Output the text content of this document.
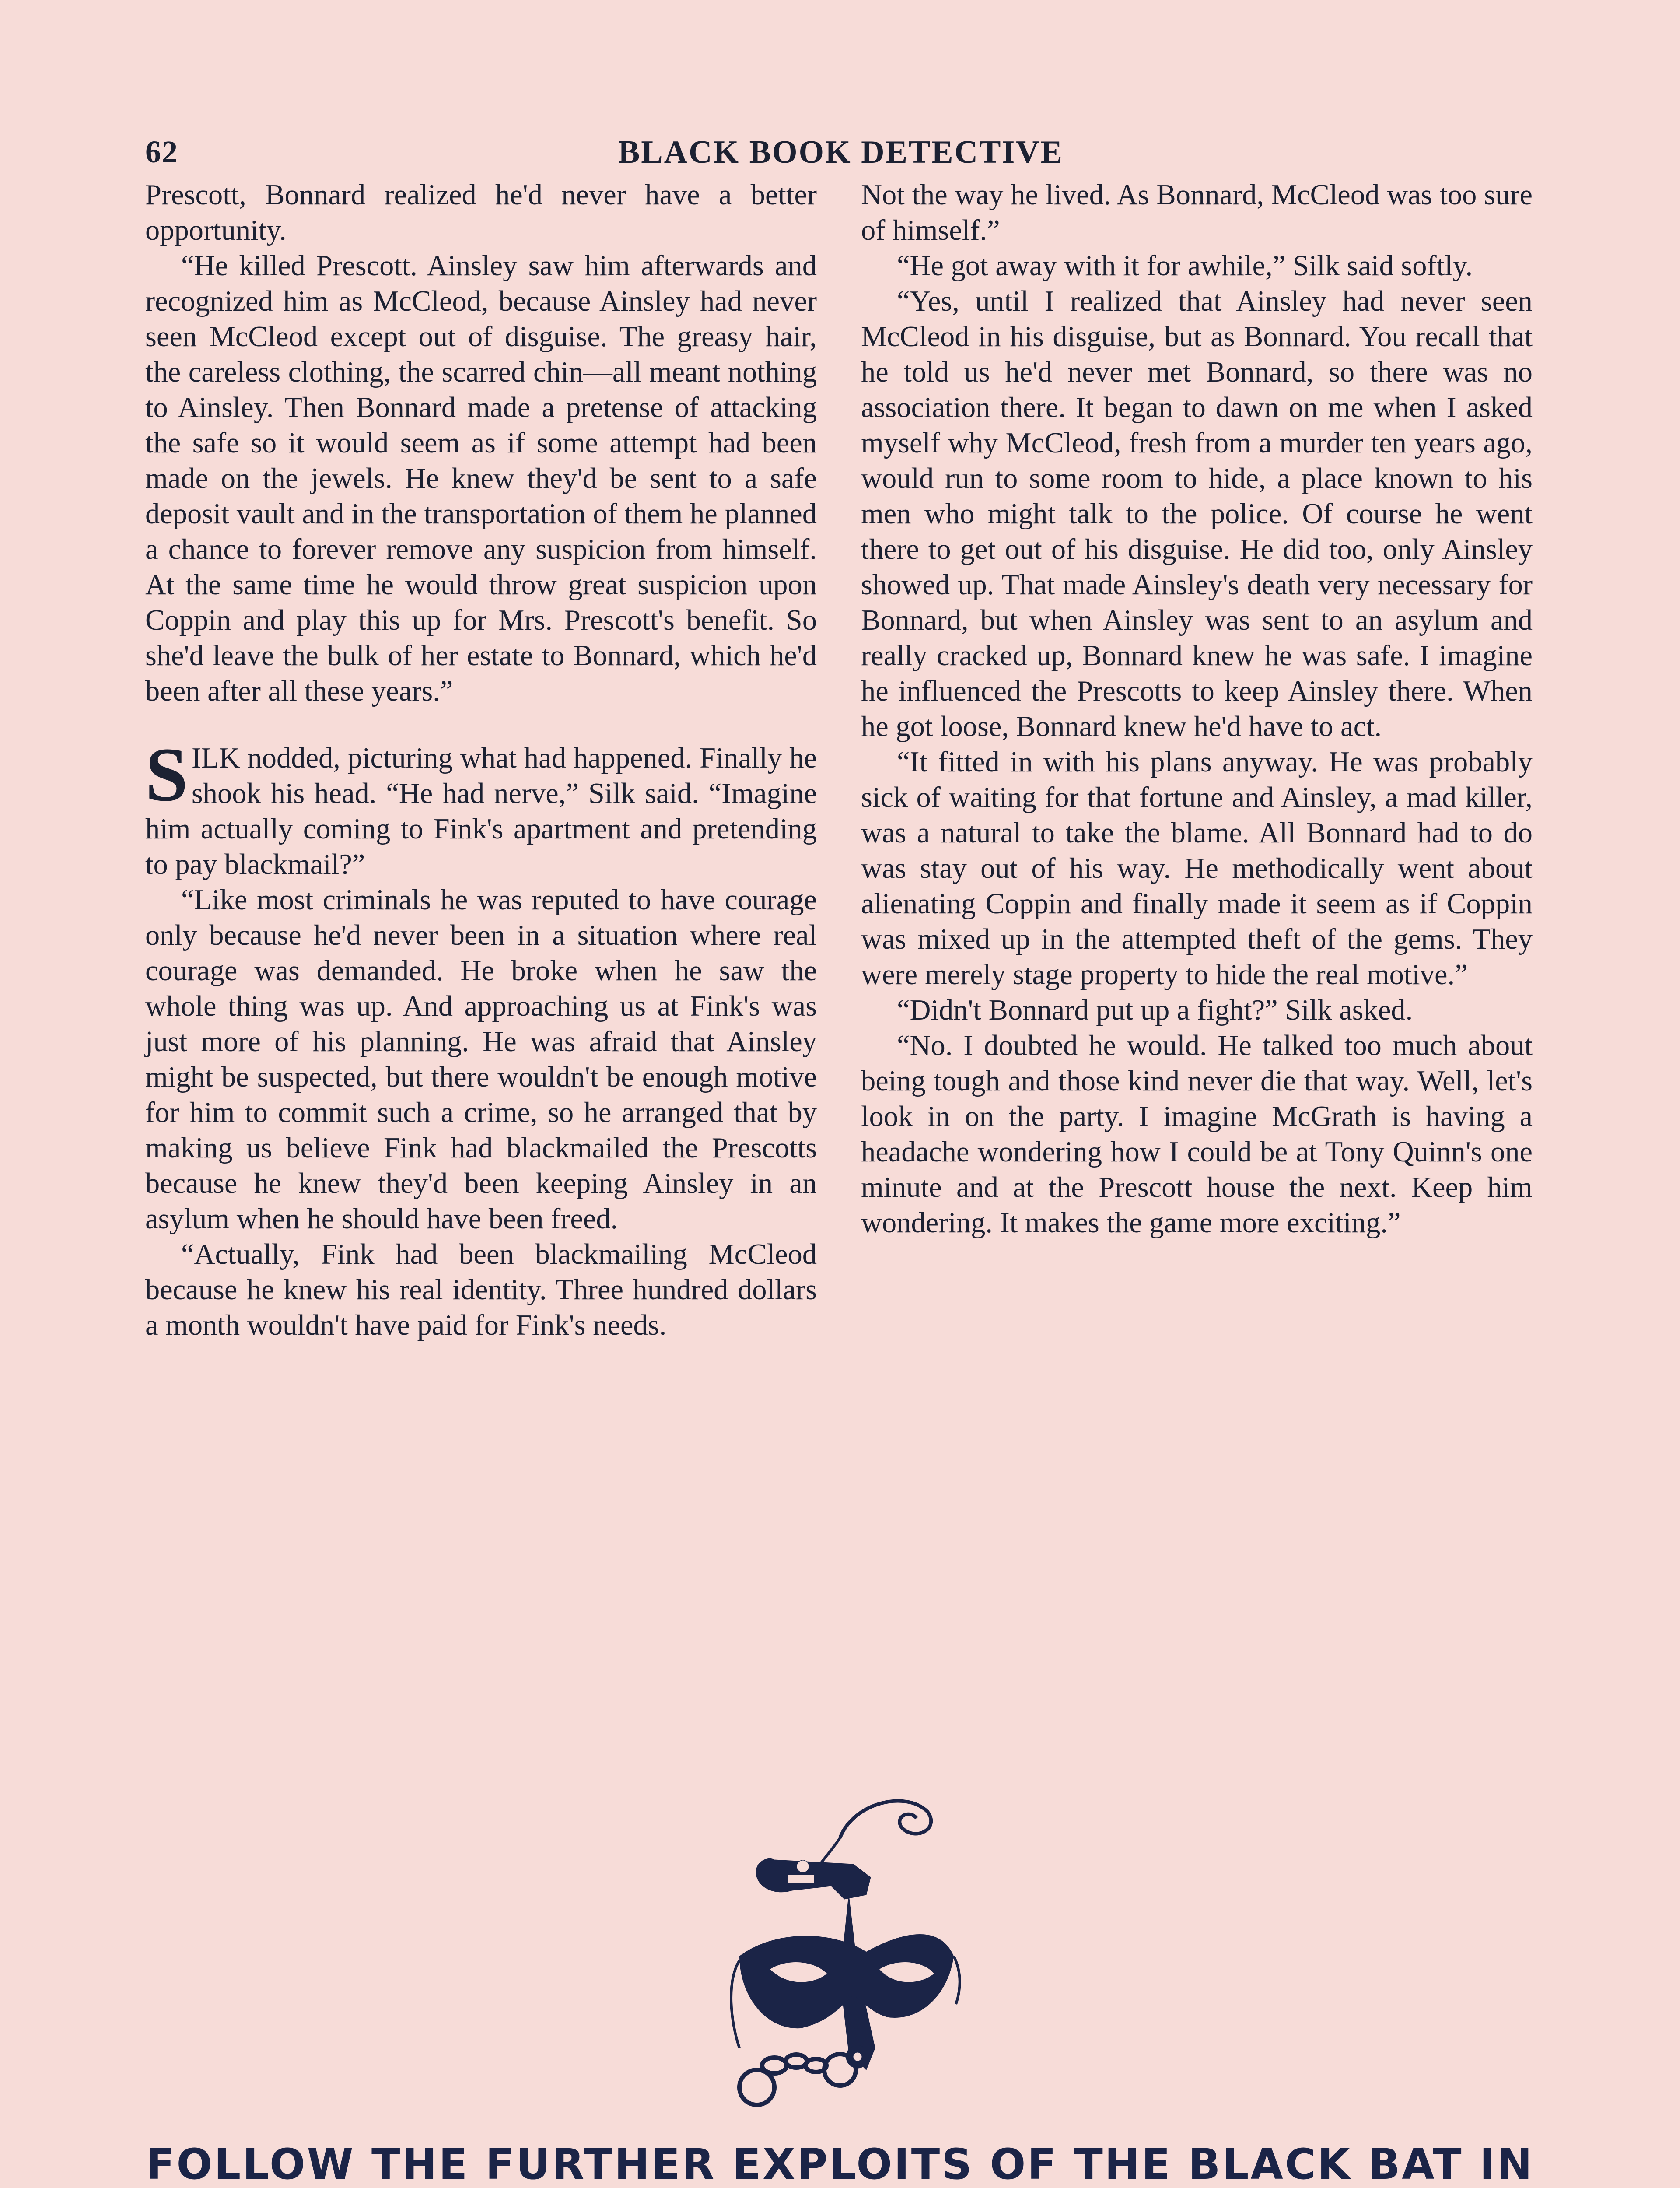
62	BLACK BOOK DETECTIVE

Prescott, Bonnard realized he'd never have a better opportunity.

“He killed Prescott. Ainsley saw him afterwards and recognized him as McCleod, because Ainsley had never seen McCleod except out of disguise. The greasy hair, the careless clothing, the scarred chin—all meant nothing to Ainsley. Then Bonnard made a pretense of attacking the safe so it would seem as if some attempt had been made on the jewels. He knew they'd be sent to a safe deposit vault and in the transportation of them he planned a chance to forever remove any suspicion from himself. At the same time he would throw great suspicion upon Coppin and play this up for Mrs. Prescott's benefit. So she'd leave the bulk of her estate to Bonnard, which he'd been after all these years.”

SILK nodded, picturing what had happened. Finally he shook his head. “He had nerve,” Silk said. “Imagine him actually coming to Fink's apartment and pretending to pay blackmail?”

“Like most criminals he was reputed to have courage only because he'd never been in a situation where real courage was demanded. He broke when he saw the whole thing was up. And approaching us at Fink's was just more of his planning. He was afraid that Ainsley might be suspected, but there wouldn't be enough motive for him to commit such a crime, so he arranged that by making us believe Fink had blackmailed the Prescotts because he knew they'd been keeping Ainsley in an asylum when he should have been freed.

“Actually, Fink had been blackmailing McCleod because he knew his real identity. Three hundred dollars a month wouldn't have paid for Fink's needs.

Not the way he lived. As Bonnard, McCleod was too sure of himself.”

“He got away with it for awhile,” Silk said softly.

“Yes, until I realized that Ainsley had never seen McCleod in his disguise, but as Bonnard. You recall that he told us he'd never met Bonnard, so there was no association there. It began to dawn on me when I asked myself why McCleod, fresh from a murder ten years ago, would run to some room to hide, a place known to his men who might talk to the police. Of course he went there to get out of his disguise. He did too, only Ainsley showed up. That made Ainsley's death very necessary for Bonnard, but when Ainsley was sent to an asylum and really cracked up, Bonnard knew he was safe. I imagine he influenced the Prescotts to keep Ainsley there. When he got loose, Bonnard knew he'd have to act.

“It fitted in with his plans anyway. He was probably sick of waiting for that fortune and Ainsley, a mad killer, was a natural to take the blame. All Bonnard had to do was stay out of his way. He methodically went about alienating Coppin and finally made it seem as if Coppin was mixed up in the attempted theft of the gems. They were merely stage property to hide the real motive.”

“Didn't Bonnard put up a fight?” Silk asked.

“No. I doubted he would. He talked too much about being tough and those kind never die that way. Well, let's look in on the party. I imagine McGrath is having a headache wondering how I could be at Tony Quinn's one minute and at the Prescott house the next. Keep him wondering. It makes the game more exciting.”

FOLLOW THE FURTHER EXPLOITS OF THE BLACK BAT IN
